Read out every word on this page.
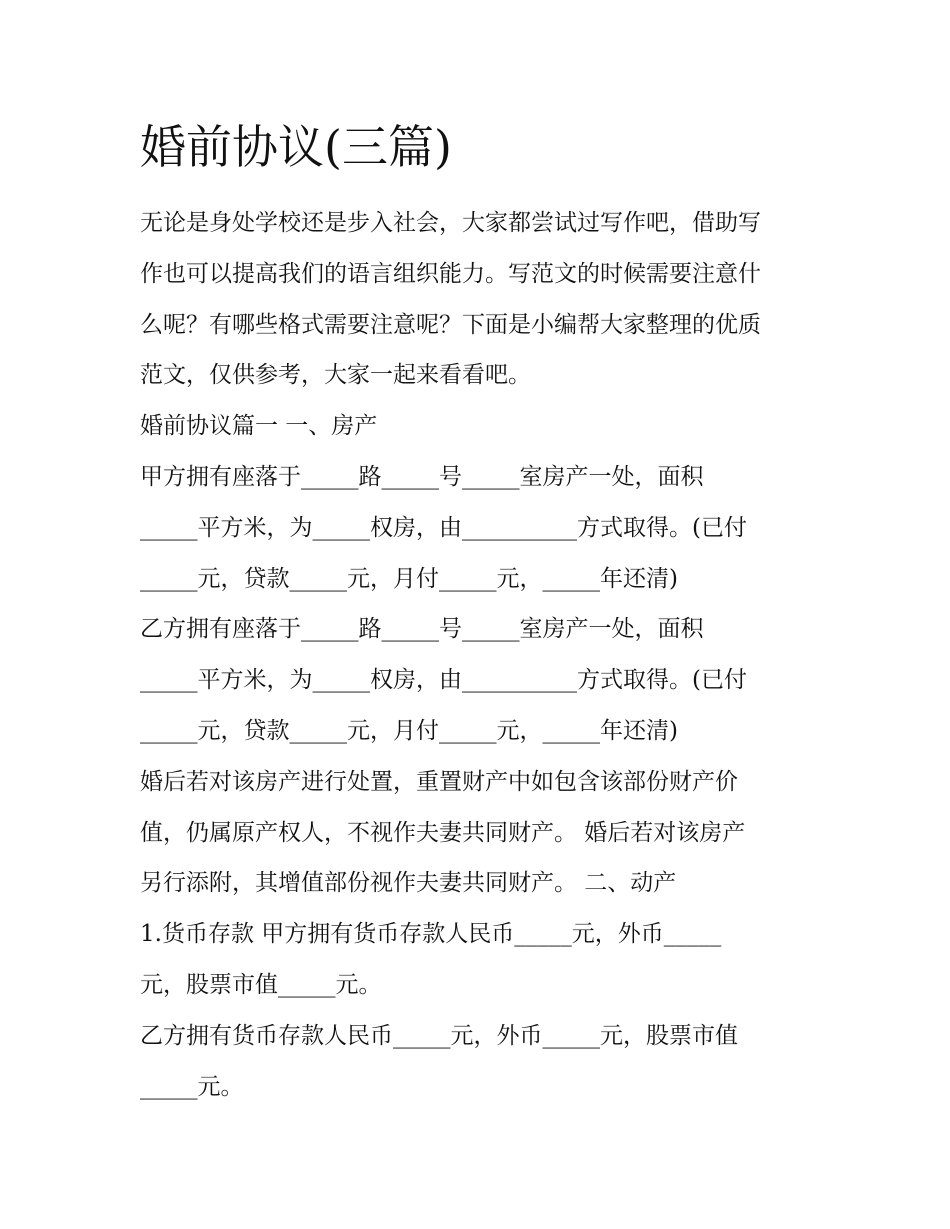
婚前协议(三篇)
无论是身处学校还是步入社会，大家都尝试过写作吧，借助写
作也可以提高我们的语言组织能力。写范文的时候需要注意什
么呢？有哪些格式需要注意呢？下面是小编帮大家整理的优质
范文，仅供参考，大家一起来看看吧。
婚前协议篇一 一、房产
甲方拥有座落于_____路_____号_____室房产一处，面积
_____平方米，为_____权房，由__________方式取得。(已付
_____元，贷款_____元，月付_____元，_____年还清)
乙方拥有座落于_____路_____号_____室房产一处，面积
_____平方米，为_____权房，由__________方式取得。(已付
_____元，贷款_____元，月付_____元，_____年还清)
婚后若对该房产进行处置，重置财产中如包含该部份财产价
值，仍属原产权人，不视作夫妻共同财产。 婚后若对该房产
另行添附，其增值部份视作夫妻共同财产。 二、动产
1.货币存款 甲方拥有货币存款人民币_____元，外币_____
元，股票市值_____元。
乙方拥有货币存款人民币_____元，外币_____元，股票市值
_____元。
